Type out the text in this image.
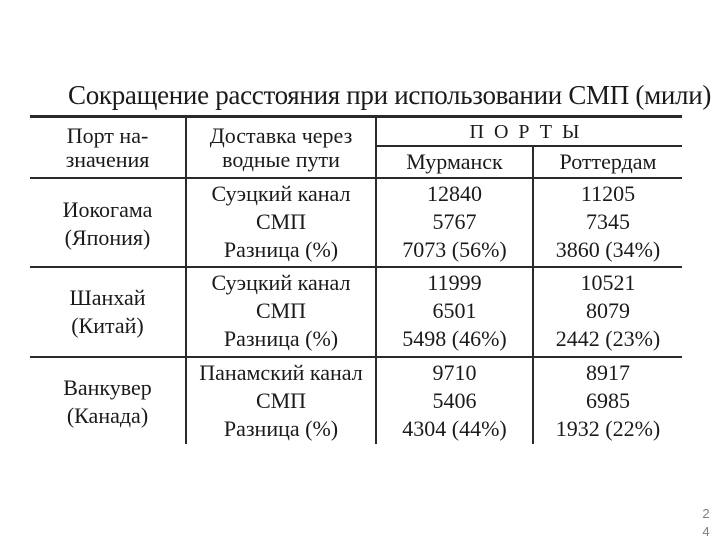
Сокращение расстояния при использовании СМП (мили)
Порт на-
значения
Доставка через
водные пути
ПОРТЫ
Мурманск	Роттердам
Иокогама
(Япония)
Суэцкий канал
СМП
Разница (%)
12840
5767
7073 (56%)
11205
7345
3860 (34%)
Шанхай
(Китай)
Суэцкий канал
СМП
Разница (%)
11999
6501
5498 (46%)
10521
8079
2442 (23%)
Ванкувер
(Канада)
Панамский канал
СМП
Разница (%)
9710
5406
4304 (44%)
8917
6985
1932 (22%)
2
4
